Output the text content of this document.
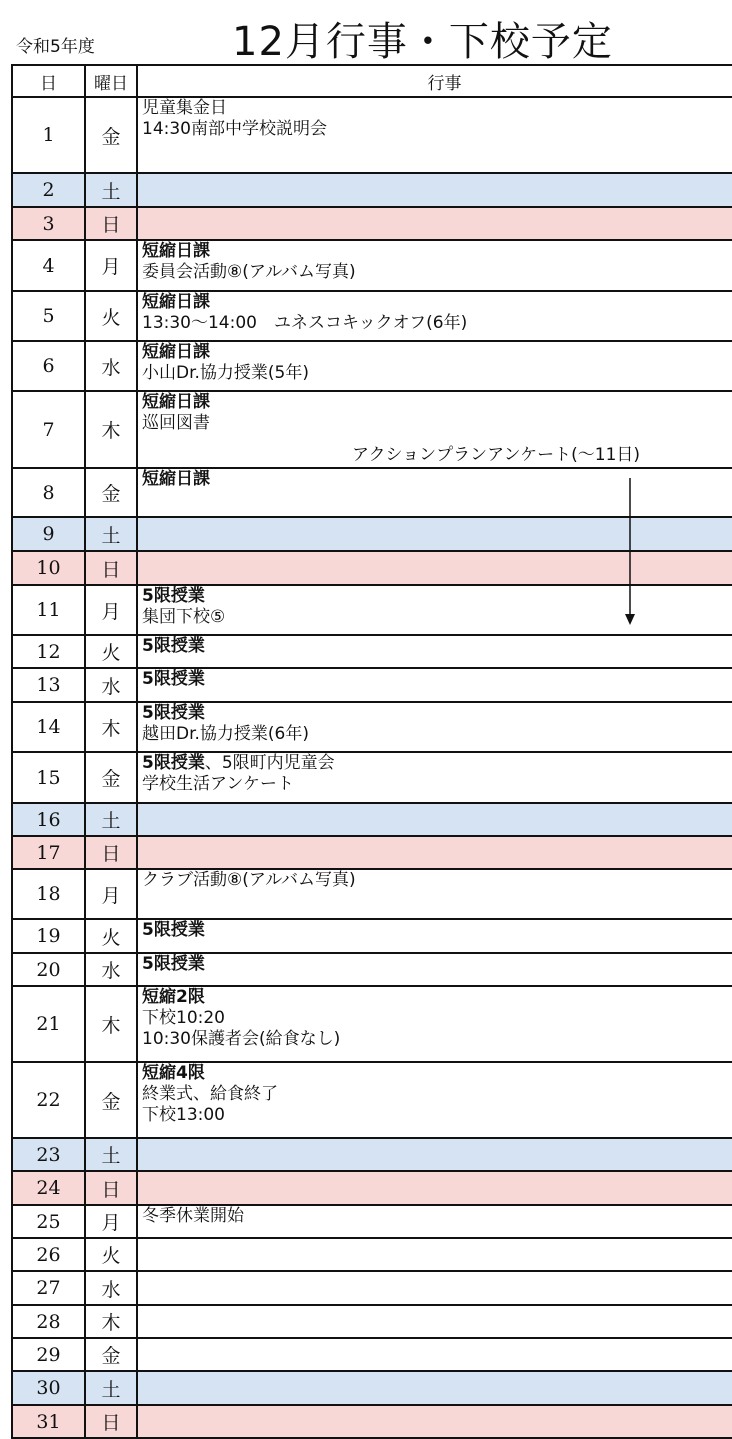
令和5年度	12月行事・下校予定
日	曜日	行事
1	金	児童集金日
14:30南部中学校説明会

2	土	
3	日	
4	月	短縮日課
委員会活動⑧(アルバム写真)

5	火	短縮日課
13:30～14:00　ユネスコキックオフ(6年)

6	水	短縮日課
小山Dr.協力授業(5年)

7	木	短縮日課
巡回図書

8	金	短縮日課

9	土	
10	日	
11	月	5限授業
集団下校⑤

12	火	5限授業

13	水	5限授業

14	木	5限授業
越田Dr.協力授業(6年)

15	金	5限授業、5限町内児童会
学校生活アンケート

16	土	
17	日	
18	月	クラブ活動⑧(アルバム写真)

19	火	5限授業

20	水	5限授業

21	木	短縮2限
下校10:20
10:30保護者会(給食なし)

22	金	短縮4限
終業式、給食終了
下校13:00

23	土	
24	日	
25	月	冬季休業開始

26	火	
27	水	
28	木	
29	金	
30	土	
31	日	
アクションプランアンケート(～11日)
